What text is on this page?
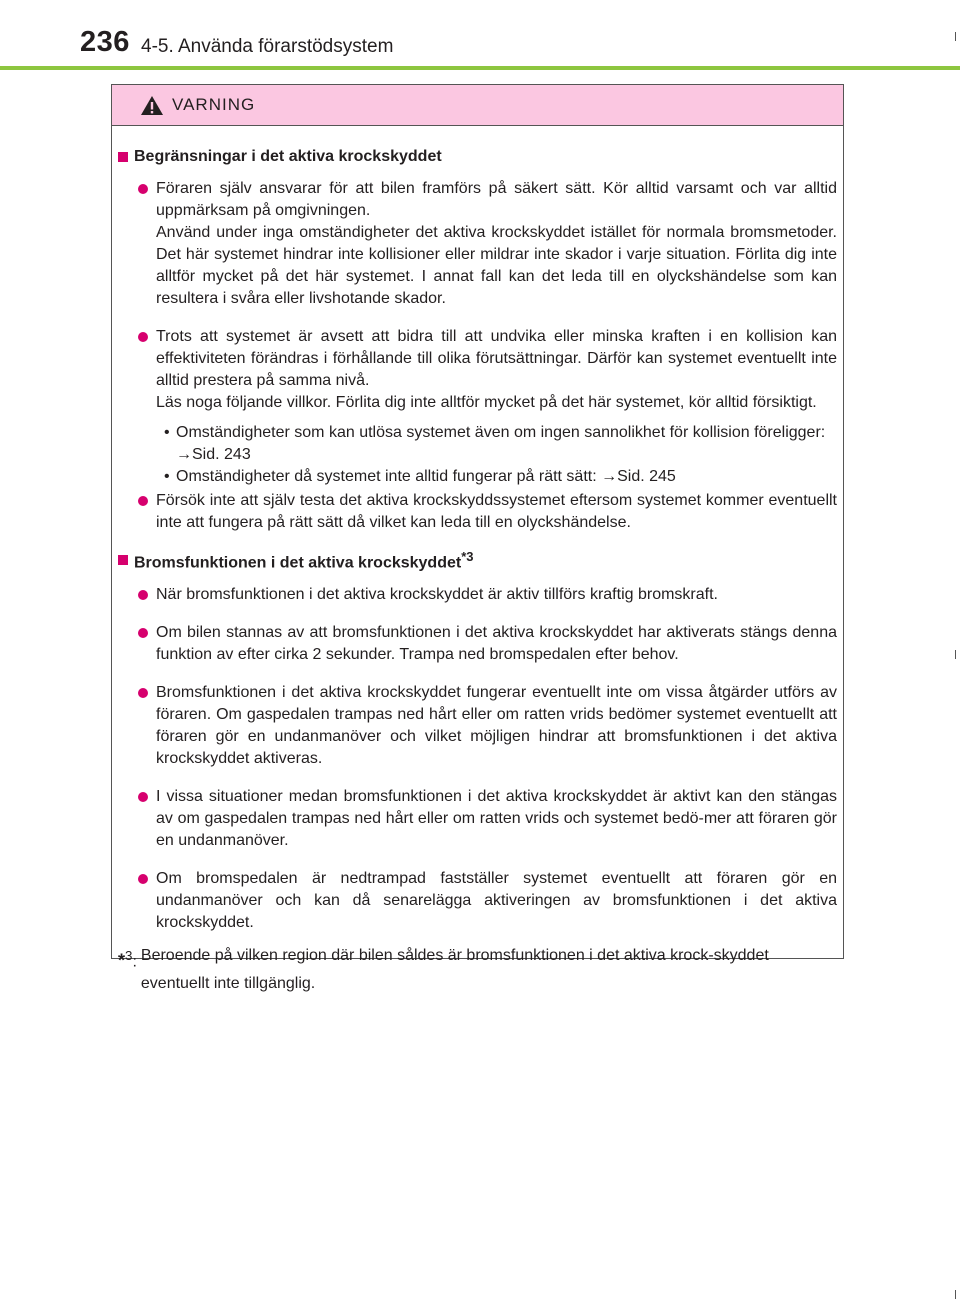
236 4-5. Använda förarstödsystem
VARNING
Begränsningar i det aktiva krockskyddet

Föraren själv ansvarar för att bilen framförs på säkert sätt. Kör alltid varsamt och var alltid uppmärksam på omgivningen.

Använd under inga omständigheter det aktiva krockskyddet istället för normala bromsmetoder. Det här systemet hindrar inte kollisioner eller mildrar inte skador i varje situation. Förlita dig inte alltför mycket på det här systemet. I annat fall kan det leda till en olyckshändelse som kan resultera i svåra eller livshotande skador.

Trots att systemet är avsett att bidra till att undvika eller minska kraften i en kollision kan effektiviteten förändras i förhållande till olika förutsättningar. Därför kan systemet eventuellt inte alltid prestera på samma nivå.

Läs noga följande villkor. Förlita dig inte alltför mycket på det här systemet, kör alltid försiktigt.

• Omständigheter som kan utlösa systemet även om ingen sannolikhet för kollision föreligger: →Sid. 243
• Omständigheter då systemet inte alltid fungerar på rätt sätt: →Sid. 245

Försök inte att själv testa det aktiva krockskyddssystemet eftersom systemet kommer eventuellt inte att fungera på rätt sätt då vilket kan leda till en olyckshändelse.

Bromsfunktionen i det aktiva krockskyddet$^{*3}$

När bromsfunktionen i det aktiva krockskyddet är aktiv tillförs kraftig bromskraft.

Om bilen stannas av att bromsfunktionen i det aktiva krockskyddet har aktiverats stängs denna funktion av efter cirka 2 sekunder. Trampa ned bromspedalen efter behov.

Bromsfunktionen i det aktiva krockskyddet fungerar eventuellt inte om vissa åtgärder utförs av föraren. Om gaspedalen trampas ned hårt eller om ratten vrids bedömer systemet eventuellt att föraren gör en undanmanöver och vilket möjligen hindrar att bromsfunktionen i det aktiva krockskyddet aktiveras.

I vissa situationer medan bromsfunktionen i det aktiva krockskyddet är aktivt kan den stängas av om gaspedalen trampas ned hårt eller om ratten vrids och systemet bedö-mer att föraren gör en undanmanöver.

Om bromspedalen är nedtrampad fastställer systemet eventuellt att föraren gör en undanmanöver och kan då senarelägga aktiveringen av bromsfunktionen i det aktiva krockskyddet.

*$^3$: Beroende på vilken region där bilen såldes är bromsfunktionen i det aktiva krock-skyddet eventuellt inte tillgänglig.
